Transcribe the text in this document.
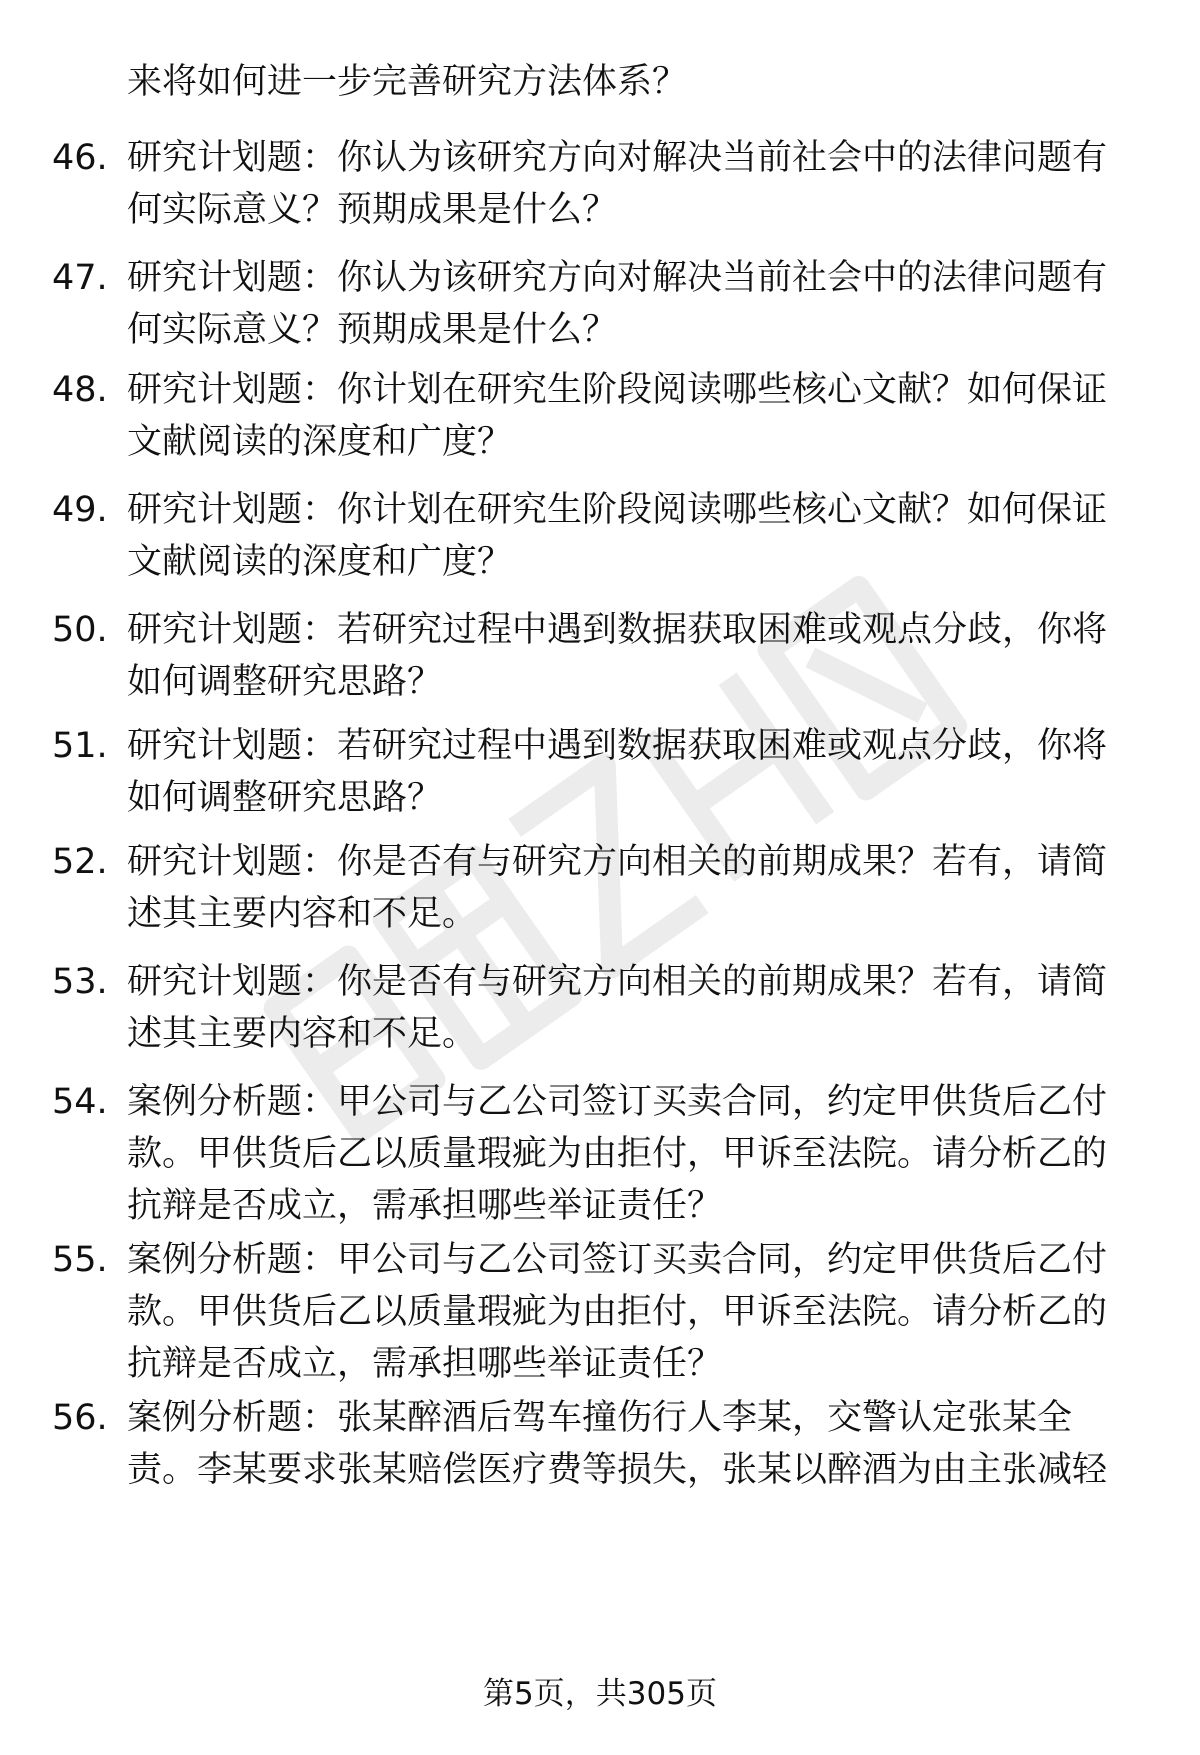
来将如何进一步完善研究方法体系？
46. 研究计划题：你认为该研究方向对解决当前社会中的法律问题有
何实际意义？预期成果是什么？
47. 研究计划题：你认为该研究方向对解决当前社会中的法律问题有
何实际意义？预期成果是什么？
48. 研究计划题：你计划在研究生阶段阅读哪些核心文献？如何保证
文献阅读的深度和广度？
49. 研究计划题：你计划在研究生阶段阅读哪些核心文献？如何保证
文献阅读的深度和广度？
50. 研究计划题：若研究过程中遇到数据获取困难或观点分歧，你将
如何调整研究思路？
51. 研究计划题：若研究过程中遇到数据获取困难或观点分歧，你将
如何调整研究思路？
52. 研究计划题：你是否有与研究方向相关的前期成果？若有，请简
述其主要内容和不足。
53. 研究计划题：你是否有与研究方向相关的前期成果？若有，请简
述其主要内容和不足。
54. 案例分析题：甲公司与乙公司签订买卖合同，约定甲供货后乙付
款。甲供货后乙以质量瑕疵为由拒付，甲诉至法院。请分析乙的
抗辩是否成立，需承担哪些举证责任？
55. 案例分析题：甲公司与乙公司签订买卖合同，约定甲供货后乙付
款。甲供货后乙以质量瑕疵为由拒付，甲诉至法院。请分析乙的
抗辩是否成立，需承担哪些举证责任？
56. 案例分析题：张某醉酒后驾车撞伤行人李某，交警认定张某全
责。李某要求张某赔偿医疗费等损失，张某以醉酒为由主张减轻
第5页，共305页
